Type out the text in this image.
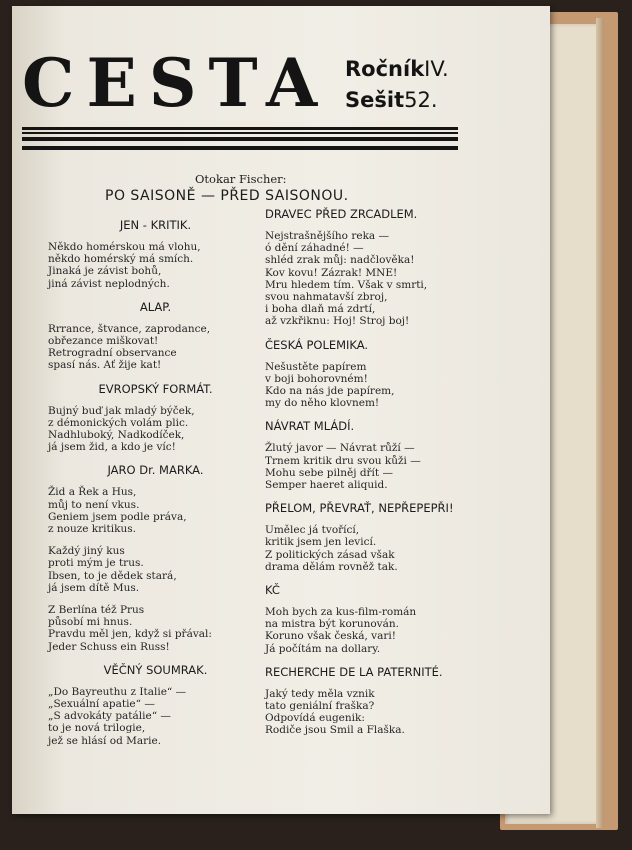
CESTA RočníkIV.
Sešit52.
Otokar Fischer:
PO SAISONĚ — PŘED SAISONOU.
JEN - KRITIK.
Někdo homérskou má vlohu,
někdo homérský má smích.
Jinaká je závist bohů,
jiná závist neplodných.
ALAP.
Rrrance, štvance, zaprodance,
obřezance miškovat!
Retrogradní observance
spasí nás. Ať žije kat!
EVROPSKÝ FORMÁT.
Bujný buď jak mladý býček,
z démonických volám plic.
Nadhluboký, Nadkodíček,
já jsem žid, a kdo je víc!
JARO Dr. MARKA.
Žid a Řek a Hus,
můj to není vkus.
Geniem jsem podle práva,
z nouze kritikus.
Každý jiný kus
proti mým je trus.
Ibsen, to je dědek stará,
já jsem dítě Mus.
Z Berlína též Prus
působí mi hnus.
Pravdu měl jen, když si přával:
Jeder Schuss ein Russ!
VĚČNÝ SOUMRAK.
„Do Bayreuthu z Italie“ —
„Sexuální apatie“ —
„S advokáty patálie“ —
to je nová trilogie,
jež se hlásí od Marie.
DRAVEC PŘED ZRCADLEM.
Nejstrašnějšího reka —
ó dění záhadné! —
shléd zrak můj: nadčlověka!
Kov kovu! Zázrak! MNE!
Mru hledem tím. Však v smrti,
svou nahmatavší zbroj,
i boha dlaň má zdrtí,
až vzkřiknu: Hoj! Stroj boj!
ČESKÁ POLEMIKA.
Nešustěte papírem
v boji bohorovném!
Kdo na nás jde papírem,
my do něho klovnem!
NÁVRAT MLÁDÍ.
Žlutý javor — Návrat růží —
Trnem kritik dru svou kůži —
Mohu sebe pilněj dřít —
Semper haeret aliquid.
PŘELOM, PŘEVRAŤ, NEPŘEPEPŘI!
Umělec já tvořící,
kritik jsem jen levicí.
Z politických zásad však
drama dělám rovněž tak.
KČ
Moh bych za kus-film-román
na mistra být korunován.
Koruno však česká, vari!
Já počítám na dollary.
RECHERCHE DE LA PATERNITÉ.
Jaký tedy měla vznik
tato geniální fraška?
Odpovídá eugenik:
Rodiče jsou Smil a Flaška.
